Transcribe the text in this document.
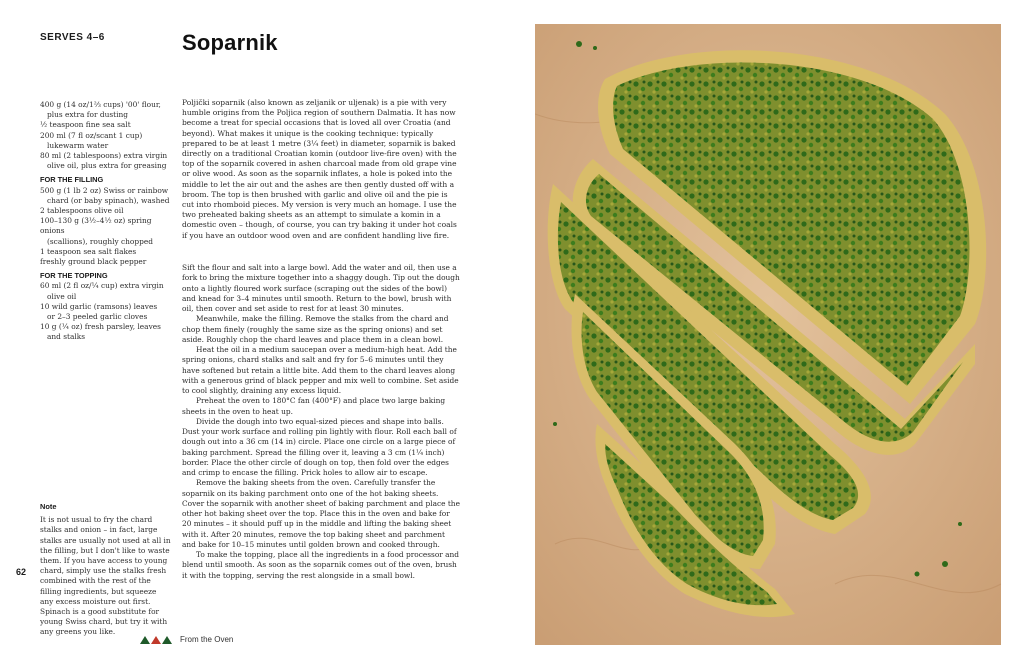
SERVES 4–6	Soparnik
400 g (14 oz/1⅔ cups) '00' flour,
plus extra for dusting
½ teaspoon fine sea salt
200 ml (7 fl oz/scant 1 cup)
lukewarm water
80 ml (2 tablespoons) extra virgin
olive oil, plus extra for greasing
FOR THE FILLING
500 g (1 lb 2 oz) Swiss or rainbow
chard (or baby spinach), washed
2 tablespoons olive oil
100–130 g (3½–4½ oz) spring onions
(scallions), roughly chopped
1 teaspoon sea salt flakes
freshly ground black pepper
FOR THE TOPPING
60 ml (2 fl oz/¼ cup) extra virgin
olive oil
10 wild garlic (ramsons) leaves
or 2–3 peeled garlic cloves
10 g (¼ oz) fresh parsley, leaves
and stalks

Poljički soparnik (also known as zeljanik or uljenak) is a pie with very humble origins from the Poljica region of southern Dalmatia. It has now become a treat for special occasions that is loved all over Croatia (and beyond). What makes it unique is the cooking technique: typically prepared to be at least 1 metre (3¼ feet) in diameter, soparnik is baked directly on a traditional Croatian komin (outdoor live-fire oven) with the top of the soparnik covered in ashen charcoal made from old grape vine or olive wood. As soon as the soparnik inflates, a hole is poked into the middle to let the air out and the ashes are then gently dusted off with a broom. The top is then brushed with garlic and olive oil and the pie is cut into rhomboid pieces. My version is very much an homage. I use the two preheated baking sheets as an attempt to simulate a komin in a domestic oven – though, of course, you can try baking it under hot coals if you have an outdoor wood oven and are confident handling live fire.

Sift the flour and salt into a large bowl. Add the water and oil, then use a fork to bring the mixture together into a shaggy dough. Tip out the dough onto a lightly floured work surface (scraping out the sides of the bowl) and knead for 3–4 minutes until smooth. Return to the bowl, brush with oil, then cover and set aside to rest for at least 30 minutes.

Meanwhile, make the filling. Remove the stalks from the chard and chop them finely (roughly the same size as the spring onions) and set aside. Roughly chop the chard leaves and place them in a clean bowl.

Heat the oil in a medium saucepan over a medium-high heat. Add the spring onions, chard stalks and salt and fry for 5–6 minutes until they have softened but retain a little bite. Add them to the chard leaves along with a generous grind of black pepper and mix well to combine. Set aside to cool slightly, draining any excess liquid.

Preheat the oven to 180°C fan (400°F) and place two large baking sheets in the oven to heat up.

Divide the dough into two equal-sized pieces and shape into balls. Dust your work surface and rolling pin lightly with flour. Roll each ball of dough out into a 36 cm (14 in) circle. Place one circle on a large piece of baking parchment. Spread the filling over it, leaving a 3 cm (1¼ inch) border. Place the other circle of dough on top, then fold over the edges and crimp to encase the filling. Prick holes to allow air to escape.

Remove the baking sheets from the oven. Carefully transfer the soparnik on its baking parchment onto one of the hot baking sheets. Cover the soparnik with another sheet of baking parchment and place the other hot baking sheet over the top. Place this in the oven and bake for 20 minutes – it should puff up in the middle and lifting the baking sheet with it. After 20 minutes, remove the top baking sheet and parchment and bake for 10–15 minutes until golden brown and cooked through.

To make the topping, place all the ingredients in a food processor and blend until smooth. As soon as the soparnik comes out of the oven, brush it with the topping, serving the rest alongside in a small bowl.

Note
It is not usual to fry the chard stalks and onion – in fact, large stalks are usually not used at all in the filling, but I don't like to waste them. If you have access to young chard, simply use the stalks fresh combined with the rest of the filling ingredients, but squeeze any excess moisture out first. Spinach is a good substitute for young Swiss chard, but try it with any greens you like.
62
From the Oven
